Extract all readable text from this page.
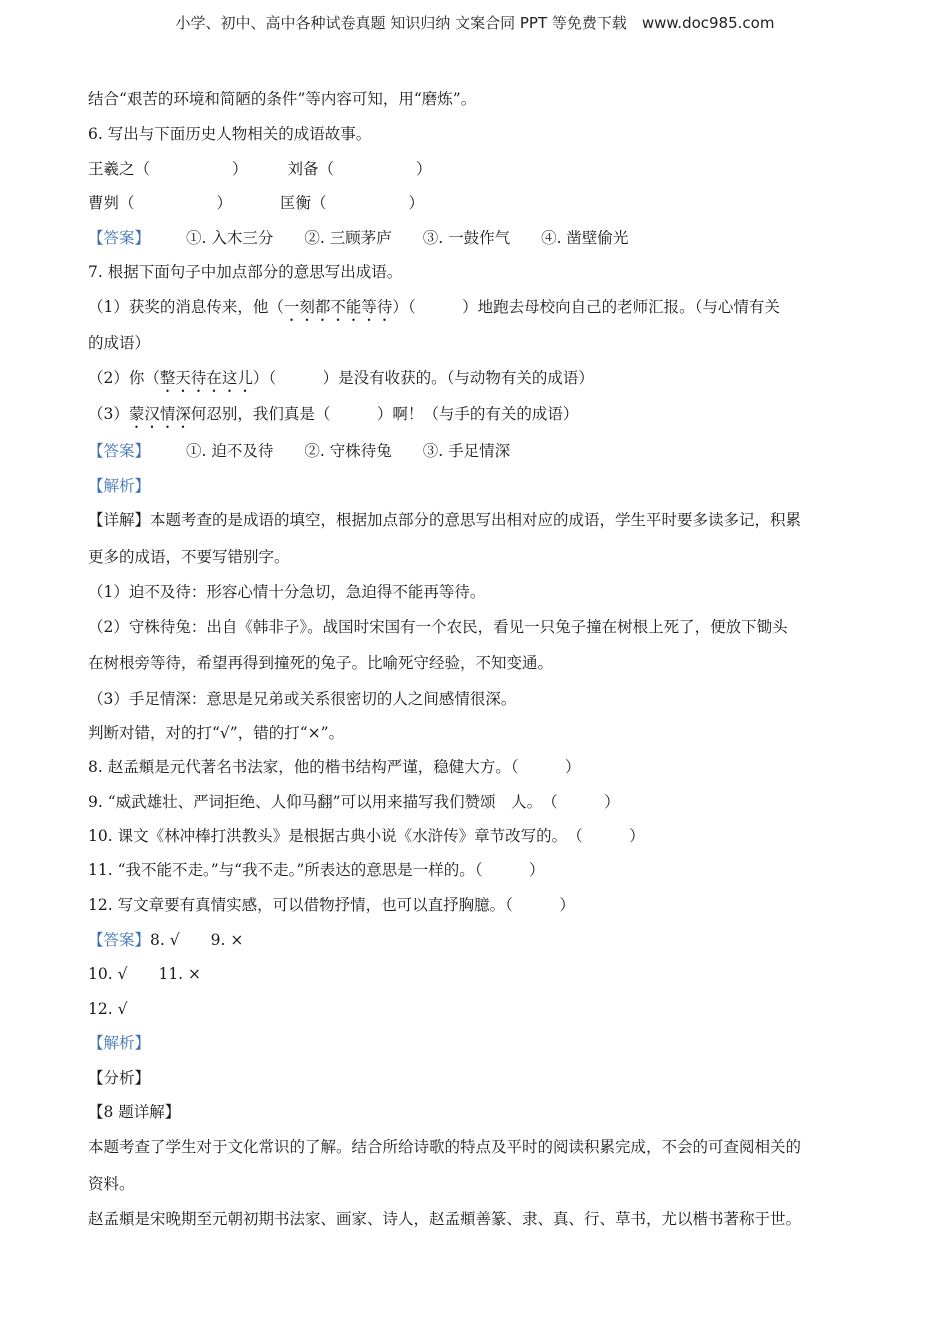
小学、初中、高中各种试卷真题 知识归纳 文案合同 PPT 等免费下载　www.doc985.com
结合“艰苦的环境和简陋的条件”等内容可知，用“磨炼”。
6. 写出与下面历史人物相关的成语故事。
王羲之（	）	刘备（	）
曹刿（	）	匡衡（	）
【答案】 ①. 入木三分　　②. 三顾茅庐　　③. 一鼓作气　　④. 凿壁偷光
7. 根据下面句子中加点部分的意思写出成语。
（1）获奖的消息传来，他（一刻都不能等待）（　　　）地跑去母校向自己的老师汇报。（与心情有关
的成语）
（2）你（整天待在这儿）（　　　）是没有收获的。（与动物有关的成语）
（3）蒙汉情深何忍别，我们真是（　　　）啊！（与手的有关的成语）
【答案】 ①. 迫不及待　　②. 守株待兔　　③. 手足情深
【解析】
【详解】本题考查的是成语的填空，根据加点部分的意思写出相对应的成语，学生平时要多读多记，积累
更多的成语，不要写错别字。
（1）迫不及待：形容心情十分急切，急迫得不能再等待。
（2）守株待兔：出自《韩非子》。战国时宋国有一个农民，看见一只兔子撞在树根上死了，便放下锄头
在树根旁等待，希望再得到撞死的兔子。比喻死守经验，不知变通。
（3）手足情深：意思是兄弟或关系很密切的人之间感情很深。
判断对错，对的打“√”，错的打“×”。
8. 赵孟頫是元代著名书法家，他的楷书结构严谨，稳健大方。（　　　）
9. “威武雄壮、严词拒绝、人仰马翻”可以用来描写我们赞颂　人。　（　　　）
10. 课文《林冲棒打洪教头》是根据古典小说《水浒传》章节改写的。　（　　　）
11. “我不能不走。”与“我不走。”所表达的意思是一样的。（　　　）
12. 写文章要有真情实感，可以借物抒情，也可以直抒胸臆。（　　　）
【答案】8. √　　9. ×
10. √　　11. ×
12. √
【解析】
【分析】
【8 题详解】
本题考查了学生对于文化常识的了解。结合所给诗歌的特点及平时的阅读积累完成，不会的可查阅相关的
资料。
赵孟頫是宋晚期至元朝初期书法家、画家、诗人，赵孟頫善篆、隶、真、行、草书，尤以楷书著称于世。
